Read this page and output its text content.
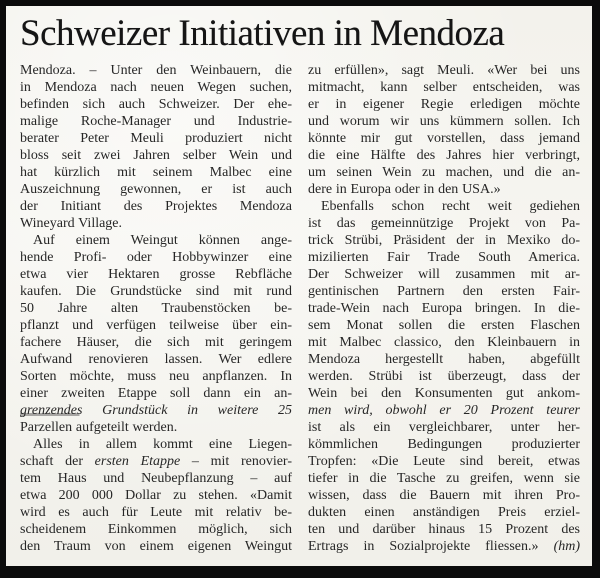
Schweizer Initiativen in Mendoza
Mendoza. – Unter den Weinbauern, die
in Mendoza nach neuen Wegen suchen,
befinden sich auch Schweizer. Der ehe-
malige Roche-Manager und Industrie-
berater Peter Meuli produziert nicht
bloss seit zwei Jahren selber Wein und
hat kürzlich mit seinem Malbec eine
Auszeichnung gewonnen, er ist auch
der Initiant des Projektes Mendoza
Wineyard Village.
Auf einem Weingut können ange-
hende Profi- oder Hobbywinzer eine
etwa vier Hektaren grosse Rebfläche
kaufen. Die Grundstücke sind mit rund
50 Jahre alten Traubenstöcken be-
pflanzt und verfügen teilweise über ein-
fachere Häuser, die sich mit geringem
Aufwand renovieren lassen. Wer edlere
Sorten möchte, muss neu anpflanzen. In
einer zweiten Etappe soll dann ein an-
grenzendes Grundstück in weitere 25
Parzellen aufgeteilt werden.
Alles in allem kommt eine Liegen-
schaft der ersten Etappe – mit renovier-
tem Haus und Neubepflanzung – auf
etwa 200 000 Dollar zu stehen. «Damit
wird es auch für Leute mit relativ be-
scheidenem Einkommen möglich, sich
den Traum von einem eigenen Weingut
zu erfüllen», sagt Meuli. «Wer bei uns
mitmacht, kann selber entscheiden, was
er in eigener Regie erledigen möchte
und worum wir uns kümmern sollen. Ich
könnte mir gut vorstellen, dass jemand
die eine Hälfte des Jahres hier verbringt,
um seinen Wein zu machen, und die an-
dere in Europa oder in den USA.»
Ebenfalls schon recht weit gediehen
ist das gemeinnützige Projekt von Pa-
trick Strübi, Präsident der in Mexiko do-
mizilierten Fair Trade South America.
Der Schweizer will zusammen mit ar-
gentinischen Partnern den ersten Fair-
trade-Wein nach Europa bringen. In die-
sem Monat sollen die ersten Flaschen
mit Malbec classico, den Kleinbauern in
Mendoza hergestellt haben, abgefüllt
werden. Strübi ist überzeugt, dass der
Wein bei den Konsumenten gut ankom-
men wird, obwohl er 20 Prozent teurer
ist als ein vergleichbarer, unter her-
kömmlichen Bedingungen produzierter
Tropfen: «Die Leute sind bereit, etwas
tiefer in die Tasche zu greifen, wenn sie
wissen, dass die Bauern mit ihren Pro-
dukten einen anständigen Preis erziel-
ten und darüber hinaus 15 Prozent des
Ertrags in Sozialprojekte fliessen.» (hm)
